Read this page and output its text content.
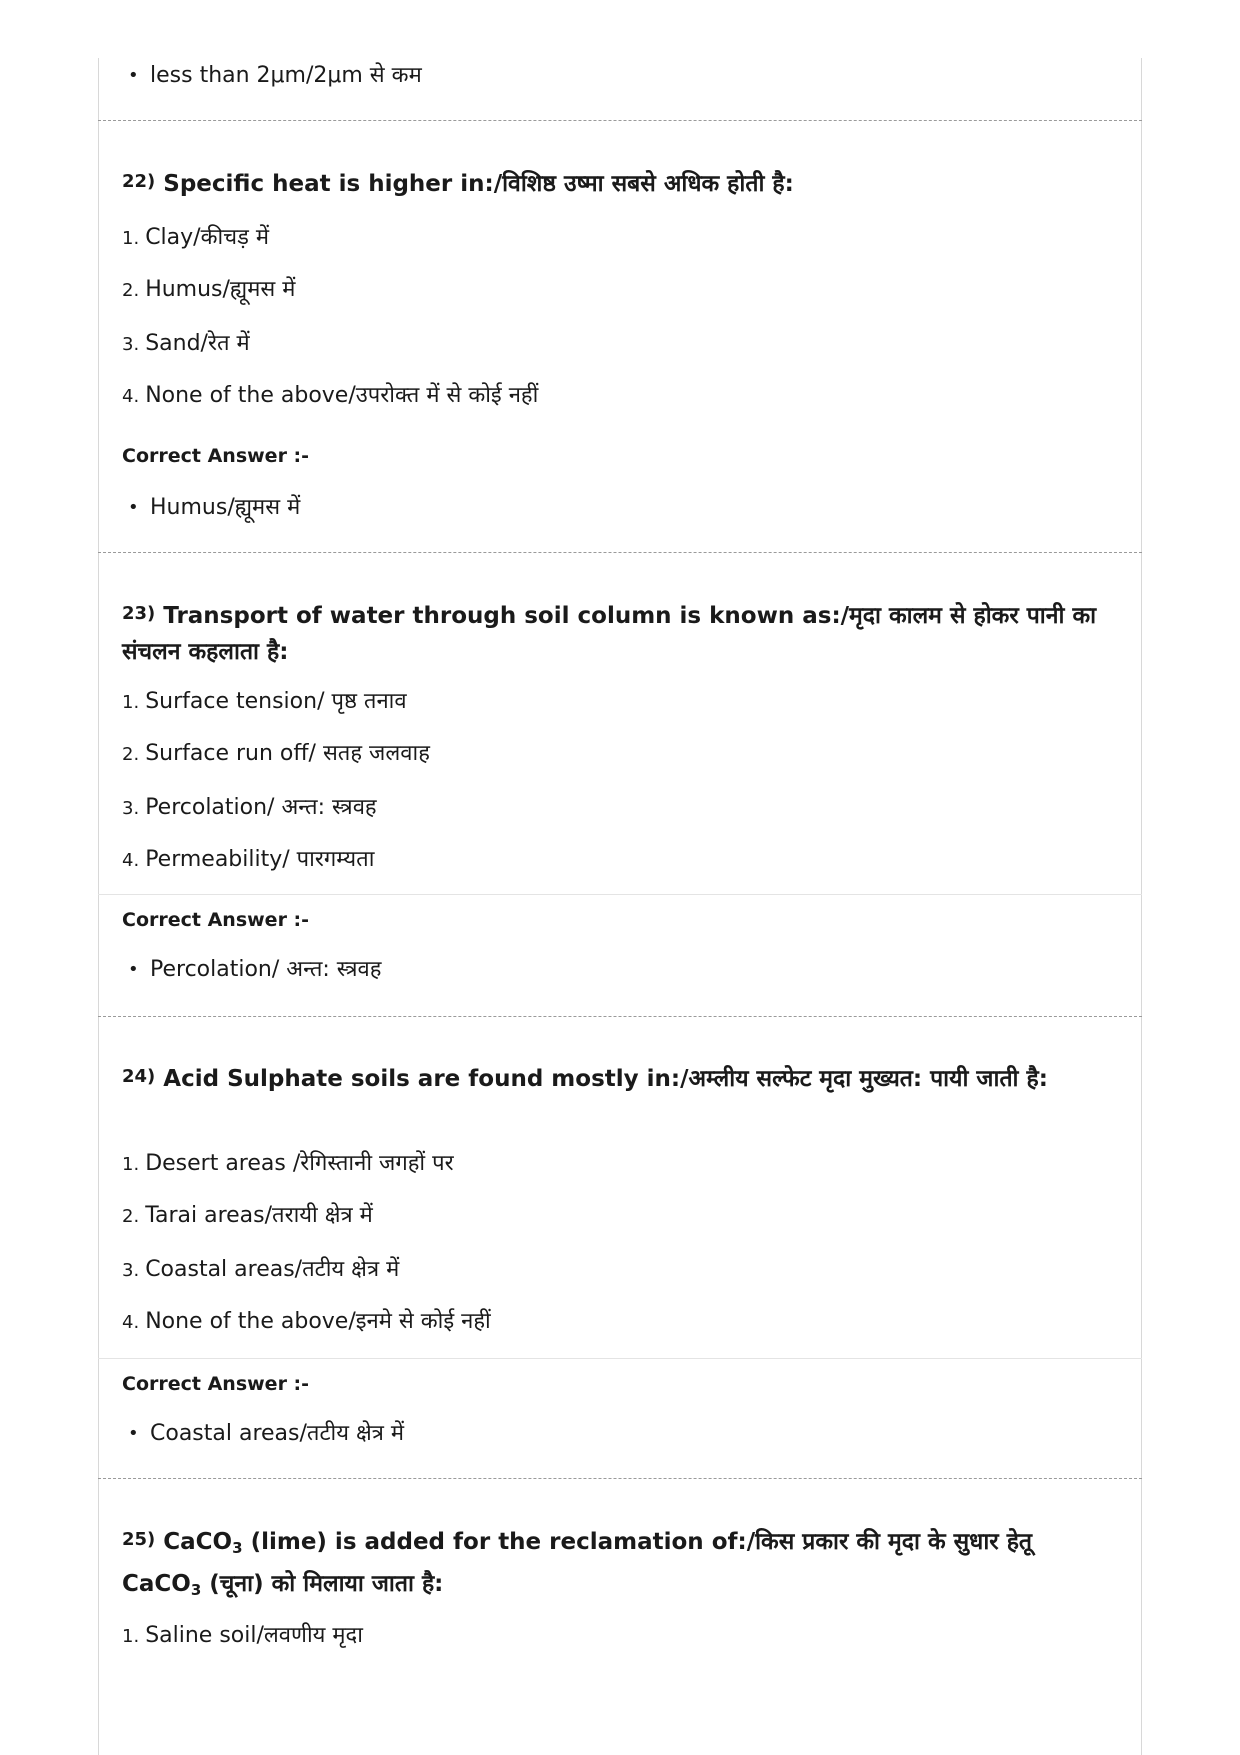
• less than 2μm/2μm से कम
22) Specific heat is higher in:/विशिष्ठ उष्मा सबसे अधिक होती है:
1. Clay/कीचड़ में
2. Humus/ह्यूमस में
3. Sand/रेत में
4. None of the above/उपरोक्त में से कोई नहीं
Correct Answer :-
• Humus/ह्यूमस में
23) Transport of water through soil column is known as:/मृदा कालम से होकर पानी का संचलन कहलाता है:
1. Surface tension/ पृष्ठ तनाव
2. Surface run off/ सतह जलवाह
3. Percolation/ अन्त: स्त्रवह
4. Permeability/ पारगम्यता
Correct Answer :-
• Percolation/ अन्त: स्त्रवह
24) Acid Sulphate soils are found mostly in:/अम्लीय सल्फेट मृदा मुख्यत: पायी जाती है:
1. Desert areas /रेगिस्तानी जगहों पर
2. Tarai areas/तरायी क्षेत्र में
3. Coastal areas/तटीय क्षेत्र में
4. None of the above/इनमे से कोई नहीं
Correct Answer :-
• Coastal areas/तटीय क्षेत्र में
25) CaCO$_3$ (lime) is added for the reclamation of:/किस प्रकार की मृदा के सुधार हेतू
CaCO$_3$ (चूना) को मिलाया जाता है:
1. Saline soil/लवणीय मृदा
